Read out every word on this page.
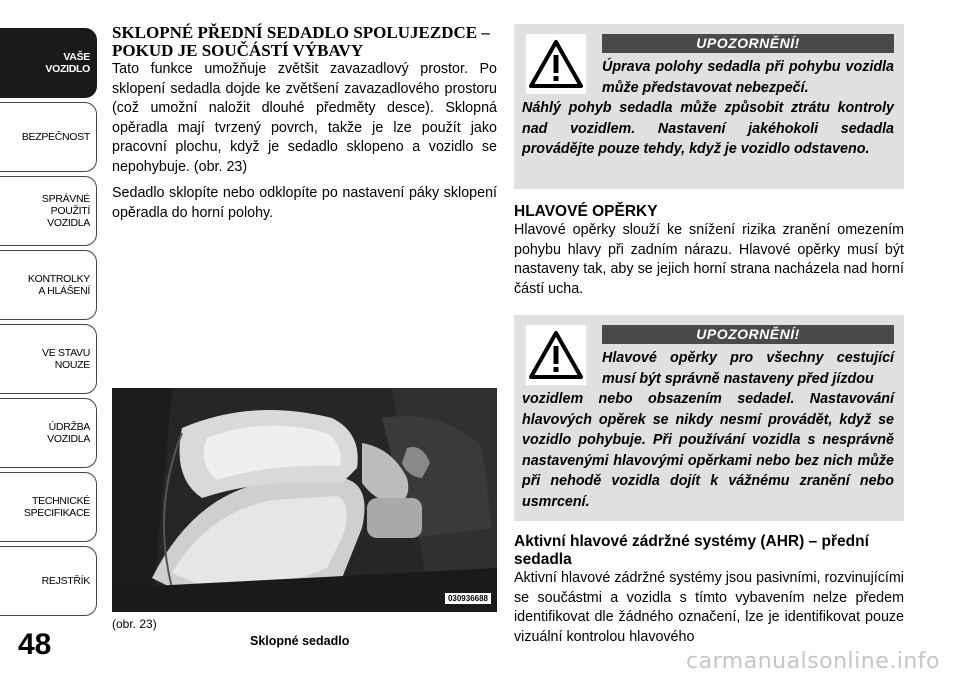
VAŠE
VOZIDLO
BEZPEČNOST
SPRÁVNÉ
POUŽITÍ
VOZIDLA
KONTROLKY
A HLÁŠENÍ
VE STAVU
NOUZE
ÚDRŽBA
VOZIDLA
TECHNICKÉ
SPECIFIKACE
REJSTŘÍK
48
SKLOPNÉ PŘEDNÍ SEDADLO SPOLUJEZDCE – POKUD JE SOUČÁSTÍ VÝBAVY

Tato funkce umožňuje zvětšit zavazadlový prostor. Po sklopení sedadla dojde ke zvětšení zavazadlového prostoru (což umožní naložit dlouhé předměty desce). Sklopná opěradla mají tvrzený povrch, takže je lze použít jako pracovní plochu, když je sedadlo sklopeno a vozidlo se nepohybuje. (obr. 23)

Sedadlo sklopíte nebo odklopíte po nastavení páky sklopení opěradla do horní polohy.

030936688
(obr. 23)
Sklopné sedadlo
UPOZORNĚNÍ!
Úprava polohy sedadla při pohybu vozidla může představovat nebezpečí.
Náhlý pohyb sedadla může způsobit ztrátu kontroly nad vozidlem. Nastavení jakéhokoli sedadla provádějte pouze tehdy, když je vozidlo odstaveno.
HLAVOVÉ OPĚRKY

Hlavové opěrky slouží ke snížení rizika zranění omezením pohybu hlavy při zadním nárazu. Hlavové opěrky musí být nastaveny tak, aby se jejich horní strana nacházela nad horní částí ucha.

UPOZORNĚNÍ!
Hlavové opěrky pro všechny cestující musí být správně nastaveny před jízdou
vozidlem nebo obsazením sedadel. Nastavování hlavových opěrek se nikdy nesmí provádět, když se vozidlo pohybuje. Při používání vozidla s nesprávně nastavenými hlavovými opěrkami nebo bez nich může při nehodě vozidla dojít k vážnému zranění nebo usmrcení.
Aktivní hlavové zádržné systémy (AHR) – přední sedadla

Aktivní hlavové zádržné systémy jsou pasivními, rozvinujícími se součástmi a vozidla s tímto vybavením nelze předem identifikovat dle žádného označení, lze je identifikovat pouze vizuální kontrolou hlavového

carmanualsonline.info
